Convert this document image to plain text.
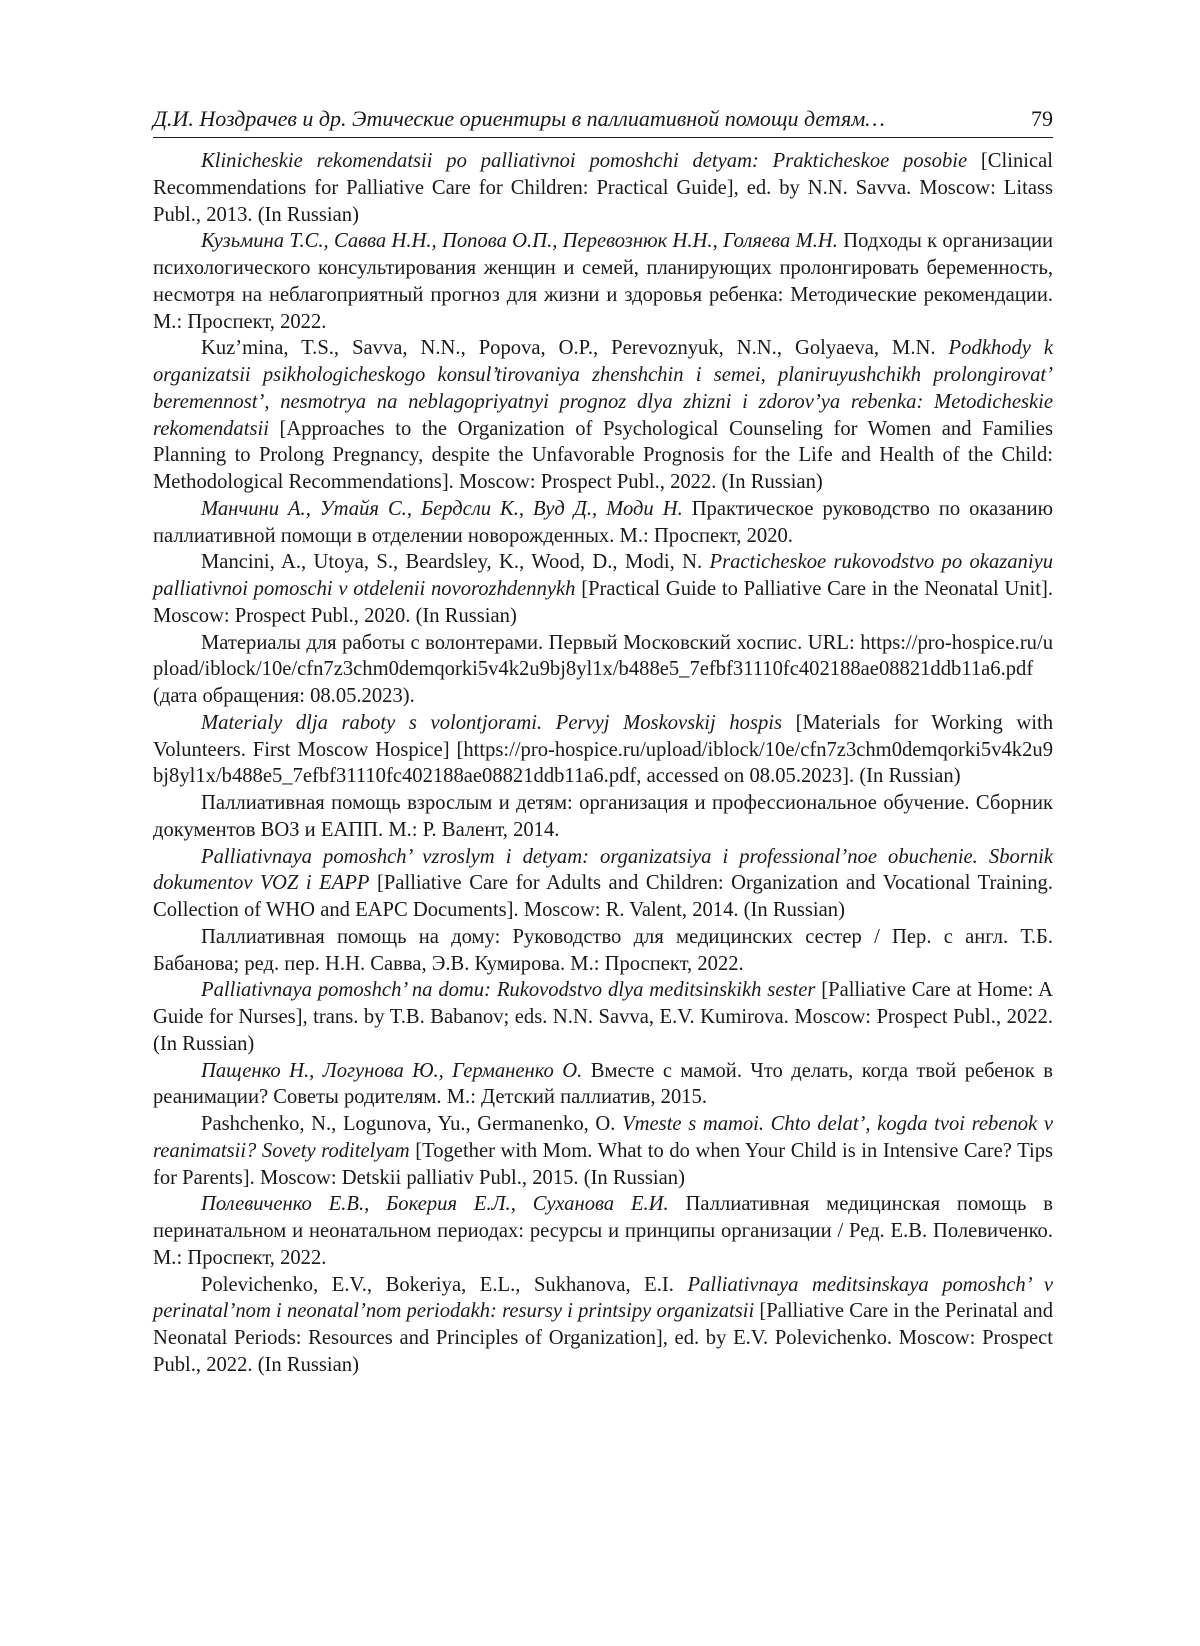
Д.И. Ноздрачев и др. Этические ориентиры в паллиативной помощи детям…	79

Klinicheskie rekomendatsii po palliativnoi pomoshchi detyam: Prakticheskoe posobie [Clinical Recommendations for Palliative Care for Children: Practical Guide], ed. by N.N. Savva. Moscow: Litass Publ., 2013. (In Russian)

Кузьмина Т.С., Савва Н.Н., Попова О.П., Перевознюк Н.Н., Голяева М.Н. Подходы к организации психологического консультирования женщин и семей, планирующих пролонгировать беременность, несмотря на неблагоприятный прогноз для жизни и здоровья ребенка: Методические рекомендации. М.: Проспект, 2022.

Kuz’mina, T.S., Savva, N.N., Popova, O.P., Perevoznyuk, N.N., Golyaeva, M.N. Podkhody k organizatsii psikhologicheskogo konsul’tirovaniya zhenshchin i semei, planiruyushchikh prolongirovat’ beremennost’, nesmotrya na neblagopriyatnyi prognoz dlya zhizni i zdorov’ya rebenka: Metodicheskie rekomendatsii [Approaches to the Organization of Psychological Counseling for Women and Families Planning to Prolong Pregnancy, despite the Unfavorable Prognosis for the Life and Health of the Child: Methodological Recommendations]. Moscow: Prospect Publ., 2022. (In Russian)

Манчини А., Утайя С., Бердсли К., Вуд Д., Моди Н. Практическое руководство по оказанию паллиативной помощи в отделении новорожденных. М.: Проспект, 2020.

Mancini, A., Utoya, S., Beardsley, K., Wood, D., Modi, N. Practicheskoe rukovodstvo po okazaniyu palliativnoi pomoschi v otdelenii novorozhdennykh [Practical Guide to Palliative Care in the Neonatal Unit]. Moscow: Prospect Publ., 2020. (In Russian)

Материалы для работы с волонтерами. Первый Московский хоспис. URL: https://pro-hospice.ru/upload/iblock/10e/cfn7z3chm0demqorki5v4k2u9bj8yl1x/b488e5_7efbf31110fc402188ae08821ddb11a6.pdf (дата обращения: 08.05.2023).

Materialy dlja raboty s volontjorami. Pervyj Moskovskij hospis [Materials for Working with Volunteers. First Moscow Hospice] [https://pro-hospice.ru/upload/iblock/10e/cfn7z3chm0demqorki5v4k2u9bj8yl1x/b488e5_7efbf31110fc402188ae08821ddb11a6.pdf, accessed on 08.05.2023]. (In Russian)

Паллиативная помощь взрослым и детям: организация и профессиональное обучение. Сборник документов ВОЗ и ЕАПП. М.: Р. Валент, 2014.

Palliativnaya pomoshch’ vzroslym i detyam: organizatsiya i professional’noe obuchenie. Sbornik dokumentov VOZ i EAPP [Palliative Care for Adults and Children: Organization and Vocational Training. Collection of WHO and EAPC Documents]. Moscow: R. Valent, 2014. (In Russian)

Паллиативная помощь на дому: Руководство для медицинских сестер / Пер. с англ. Т.Б. Бабанова; ред. пер. Н.Н. Савва, Э.В. Кумирова. М.: Проспект, 2022.

Palliativnaya pomoshch’ na domu: Rukovodstvo dlya meditsinskikh sester [Palliative Care at Home: A Guide for Nurses], trans. by T.B. Babanov; eds. N.N. Savva, E.V. Kumirova. Moscow: Prospect Publ., 2022. (In Russian)

Пащенко Н., Логунова Ю., Германенко О. Вместе с мамой. Что делать, когда твой ребенок в реанимации? Советы родителям. М.: Детский паллиатив, 2015.

Pashchenko, N., Logunova, Yu., Germanenko, O. Vmeste s mamoi. Chto delat’, kogda tvoi rebenok v reanimatsii? Sovety roditelyam [Together with Mom. What to do when Your Child is in Intensive Care? Tips for Parents]. Moscow: Detskii palliativ Publ., 2015. (In Russian)

Полевиченко Е.В., Бокерия Е.Л., Суханова Е.И. Паллиативная медицинская помощь в перинатальном и неонатальном периодах: ресурсы и принципы организации / Ред. Е.В. Полевиченко. М.: Проспект, 2022.

Polevichenko, E.V., Bokeriya, E.L., Sukhanova, E.I. Palliativnaya meditsinskaya pomoshch’ v perinatal’nom i neonatal’nom periodakh: resursy i printsipy organizatsii [Palliative Care in the Perinatal and Neonatal Periods: Resources and Principles of Organization], ed. by E.V. Polevichenko. Moscow: Prospect Publ., 2022. (In Russian)
